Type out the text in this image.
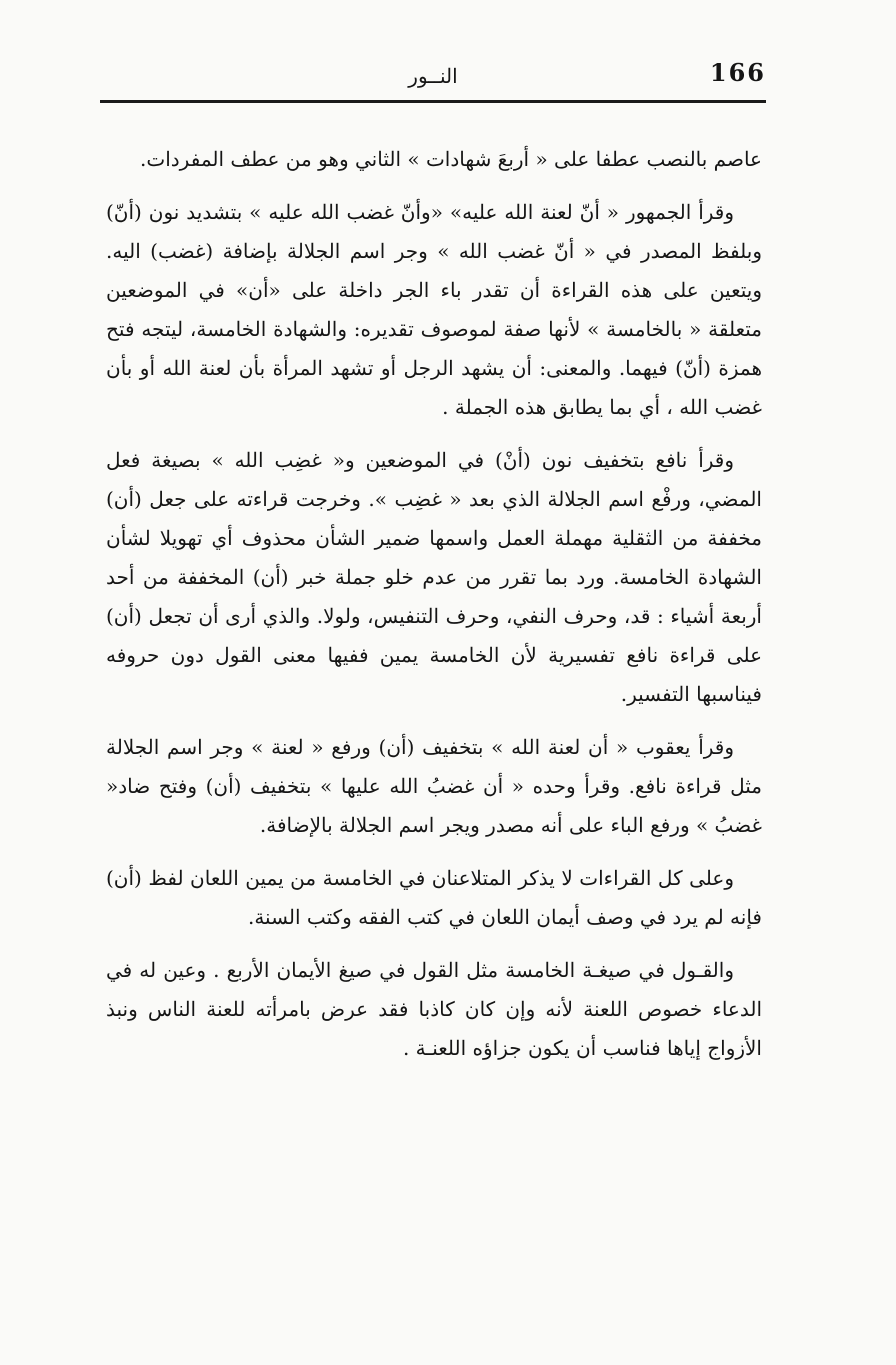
166
النــور

عاصم بالنصب عطفا على « أربعَ شهادات » الثاني وهو من عطف المفردات.

وقرأ الجمهور « أنّ لعنة الله عليه» «وأنّ غضب الله عليه » بتشديد نون (أنّ) وبلفظ المصدر في « أنّ غضب الله » وجر اسم الجلالة بإضافة (غضب) اليه. ويتعين على هذه القراءة أن تقدر باء الجر داخلة على «أن» في الموضعين متعلقة « بالخامسة » لأنها صفة لموصوف تقديره: والشهادة الخامسة، ليتجه فتح همزة (أنّ) فيهما. والمعنى: أن يشهد الرجل أو تشهد المرأة بأن لعنة الله أو بأن غضب الله ، أي بما يطابق هذه الجملة .

وقرأ نافع بتخفيف نون (أنْ) في الموضعين و« غضِب الله » بصيغة فعل المضي، ورفْع اسم الجلالة الذي بعد « غضِب ». وخرجت قراءته على جعل (أن) مخففة من الثقلية مهملة العمل واسمها ضمير الشأن محذوف أي تهويلا لشأن الشهادة الخامسة. ورد بما تقرر من عدم خلو جملة خبر (أن) المخففة من أحد أربعة أشياء : قد، وحرف النفي، وحرف التنفيس، ولولا. والذي أرى أن تجعل (أن) على قراءة نافع تفسيرية لأن الخامسة يمين ففيها معنى القول دون حروفه فيناسبها التفسير.

وقرأ يعقوب « أن لعنة الله » بتخفيف (أن) ورفع « لعنة » وجر اسم الجلالة مثل قراءة نافع. وقرأ وحده « أن غضبُ الله عليها » بتخفيف (أن) وفتح ضاد« غضبُ » ورفع الباء على أنه مصدر ويجر اسم الجلالة بالإضافة.

وعلى كل القراءات لا يذكر المتلاعنان في الخامسة من يمين اللعان لفظ (أن) فإنه لم يرد في وصف أيمان اللعان في كتب الفقه وكتب السنة.

والقـول في صيغـة الخامسة مثل القول في صيغ الأيمان الأربع . وعين له في الدعاء خصوص اللعنة لأنه وإن كان كاذبا فقد عرض بامرأته للعنة الناس ونبذ الأزواج إياها فناسب أن يكون جزاؤه اللعنـة .
